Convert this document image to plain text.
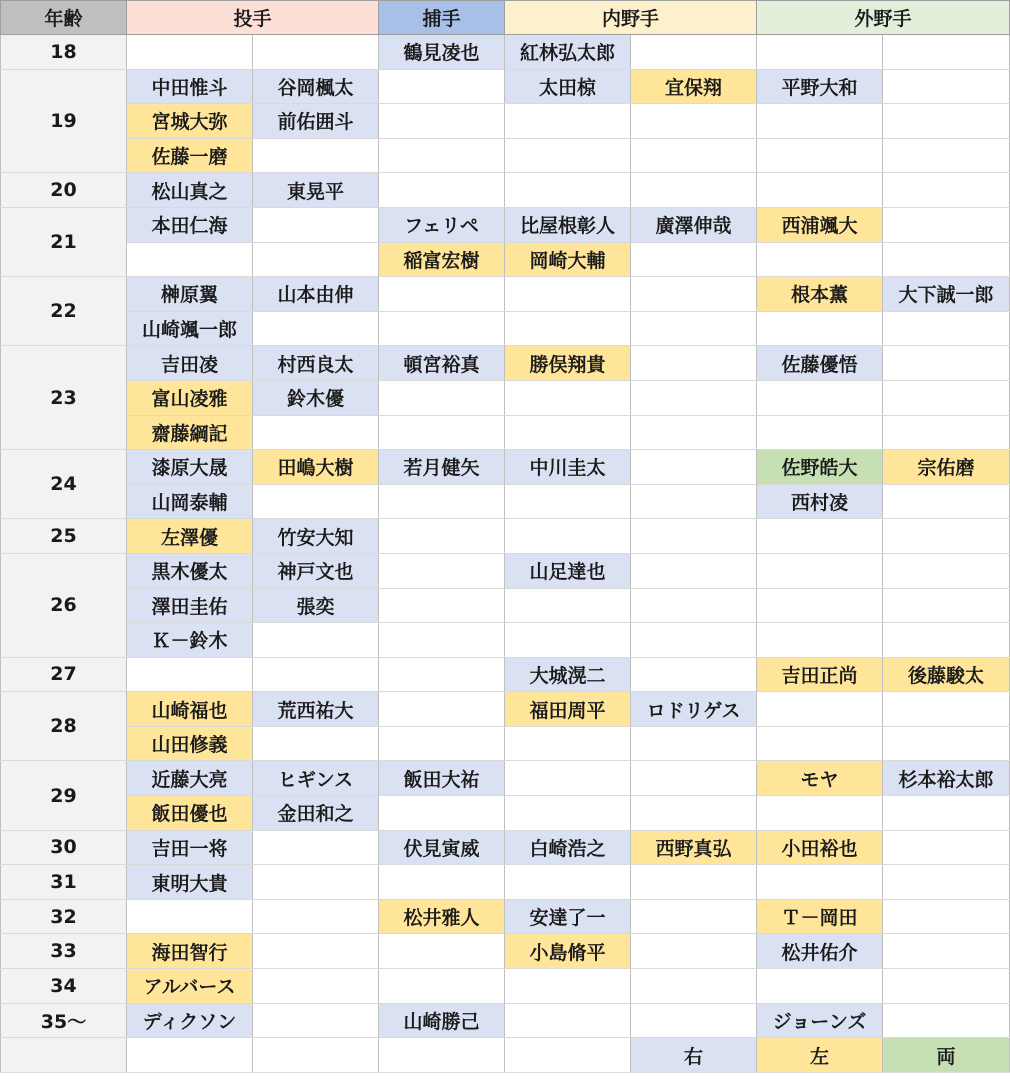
年齢	投手		捕手	内野手		外野手	
18			鶴見凌也	紅林弘太郎			
19	中田惟斗	谷岡楓太		太田椋	宜保翔	平野大和	
	宮城大弥	前佑囲斗					
	佐藤一磨						
20	松山真之	東晃平					
21	本田仁海		フェリペ	比屋根彰人	廣澤伸哉	西浦颯大	
			稲富宏樹	岡崎大輔			
22	榊原翼	山本由伸				根本薫	大下誠一郎
	山崎颯一郎						
23	吉田凌	村西良太	頓宮裕真	勝俣翔貴		佐藤優悟	
	富山凌雅	鈴木優					
	齋藤綱記						
24	漆原大晟	田嶋大樹	若月健矢	中川圭太		佐野皓大	宗佑磨
	山岡泰輔					西村凌	
25	左澤優	竹安大知					
26	黒木優太	神戸文也		山足達也			
	澤田圭佑	張奕					
	Ｋ－鈴木						
27				大城滉二		吉田正尚	後藤駿太
28	山崎福也	荒西祐大		福田周平	ロドリゲス		
	山田修義						
29	近藤大亮	ヒギンス	飯田大祐			モヤ	杉本裕太郎
	飯田優也	金田和之					
30	吉田一将		伏見寅威	白崎浩之	西野真弘	小田裕也	
31	東明大貴						
32			松井雅人	安達了一		Ｔ－岡田	
33	海田智行			小島脩平		松井佑介	
34	アルバース						
35～	ディクソン		山崎勝己			ジョーンズ	
					右	左	両
